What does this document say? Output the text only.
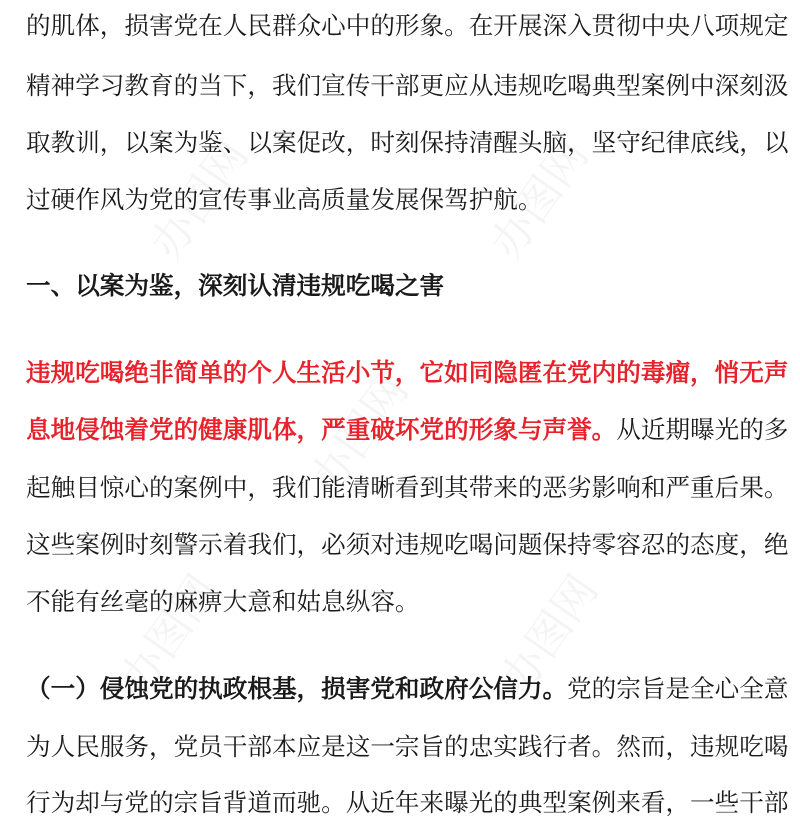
的肌体，损害党在人民群众心中的形象。在开展深入贯彻中央八项规定
精神学习教育的当下，我们宣传干部更应从违规吃喝典型案例中深刻汲
取教训，以案为鉴、以案促改，时刻保持清醒头脑，坚守纪律底线，以
过硬作风为党的宣传事业高质量发展保驾护航。
一、以案为鉴，深刻认清违规吃喝之害
违规吃喝绝非简单的个人生活小节，它如同隐匿在党内的毒瘤，悄无声
息地侵蚀着党的健康肌体，严重破坏党的形象与声誉。从近期曝光的多
起触目惊心的案例中，我们能清晰看到其带来的恶劣影响和严重后果。
这些案例时刻警示着我们，必须对违规吃喝问题保持零容忍的态度，绝
不能有丝毫的麻痹大意和姑息纵容。
（一）侵蚀党的执政根基，损害党和政府公信力。党的宗旨是全心全意
为人民服务，党员干部本应是这一宗旨的忠实践行者。然而，违规吃喝
行为却与党的宗旨背道而驰。从近年来曝光的典型案例来看，一些干部
